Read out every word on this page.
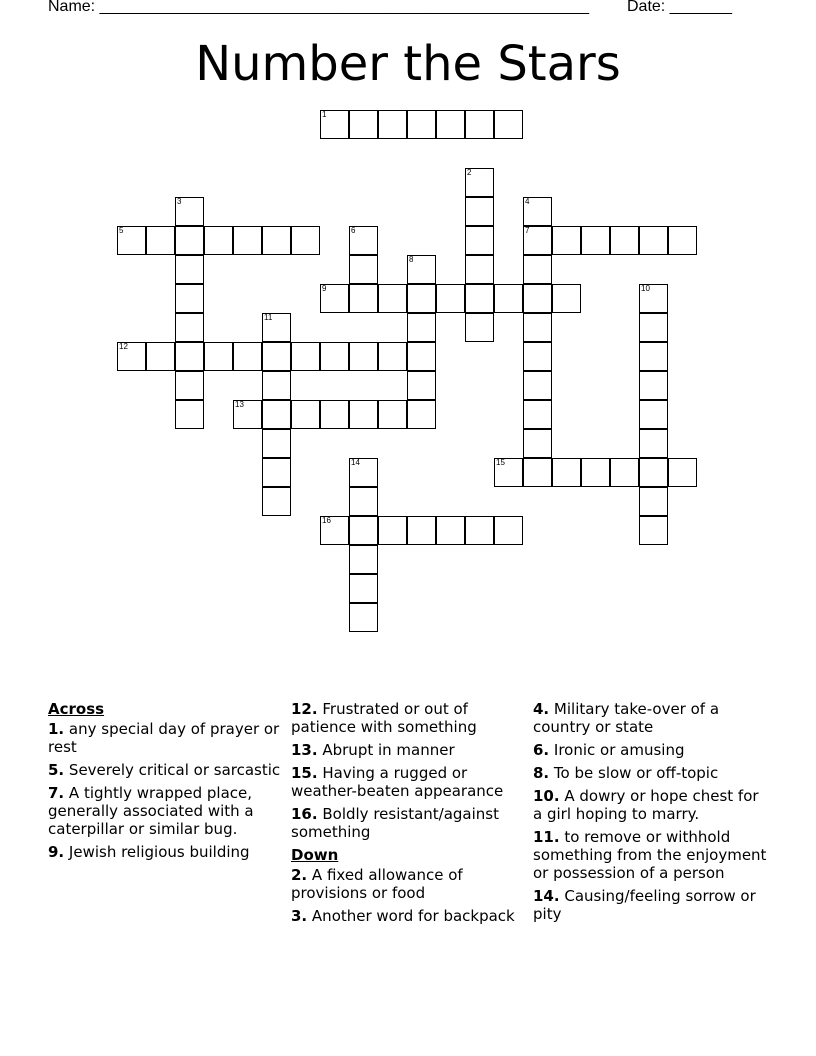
Name: _______________________________________________________ Date: _______
Number the Stars
1
2
3	4
7
5	6
8
9	10
11
12
13
14	15
16
Across
1. any special day of prayer or rest
5. Severely critical or sarcastic
7. A tightly wrapped place, generally associated with a caterpillar or similar bug.
9. Jewish religious building
12. Frustrated or out of patience with something
13. Abrupt in manner
15. Having a rugged or weather-beaten appearance
16. Boldly resistant/against something
Down
2. A fixed allowance of provisions or food
3. Another word for backpack
4. Military take-over of a country or state
6. Ironic or amusing
8. To be slow or off-topic
10. A dowry or hope chest for a girl hoping to marry.
11. to remove or withhold something from the enjoyment or possession of a person
14. Causing/feeling sorrow or pity
